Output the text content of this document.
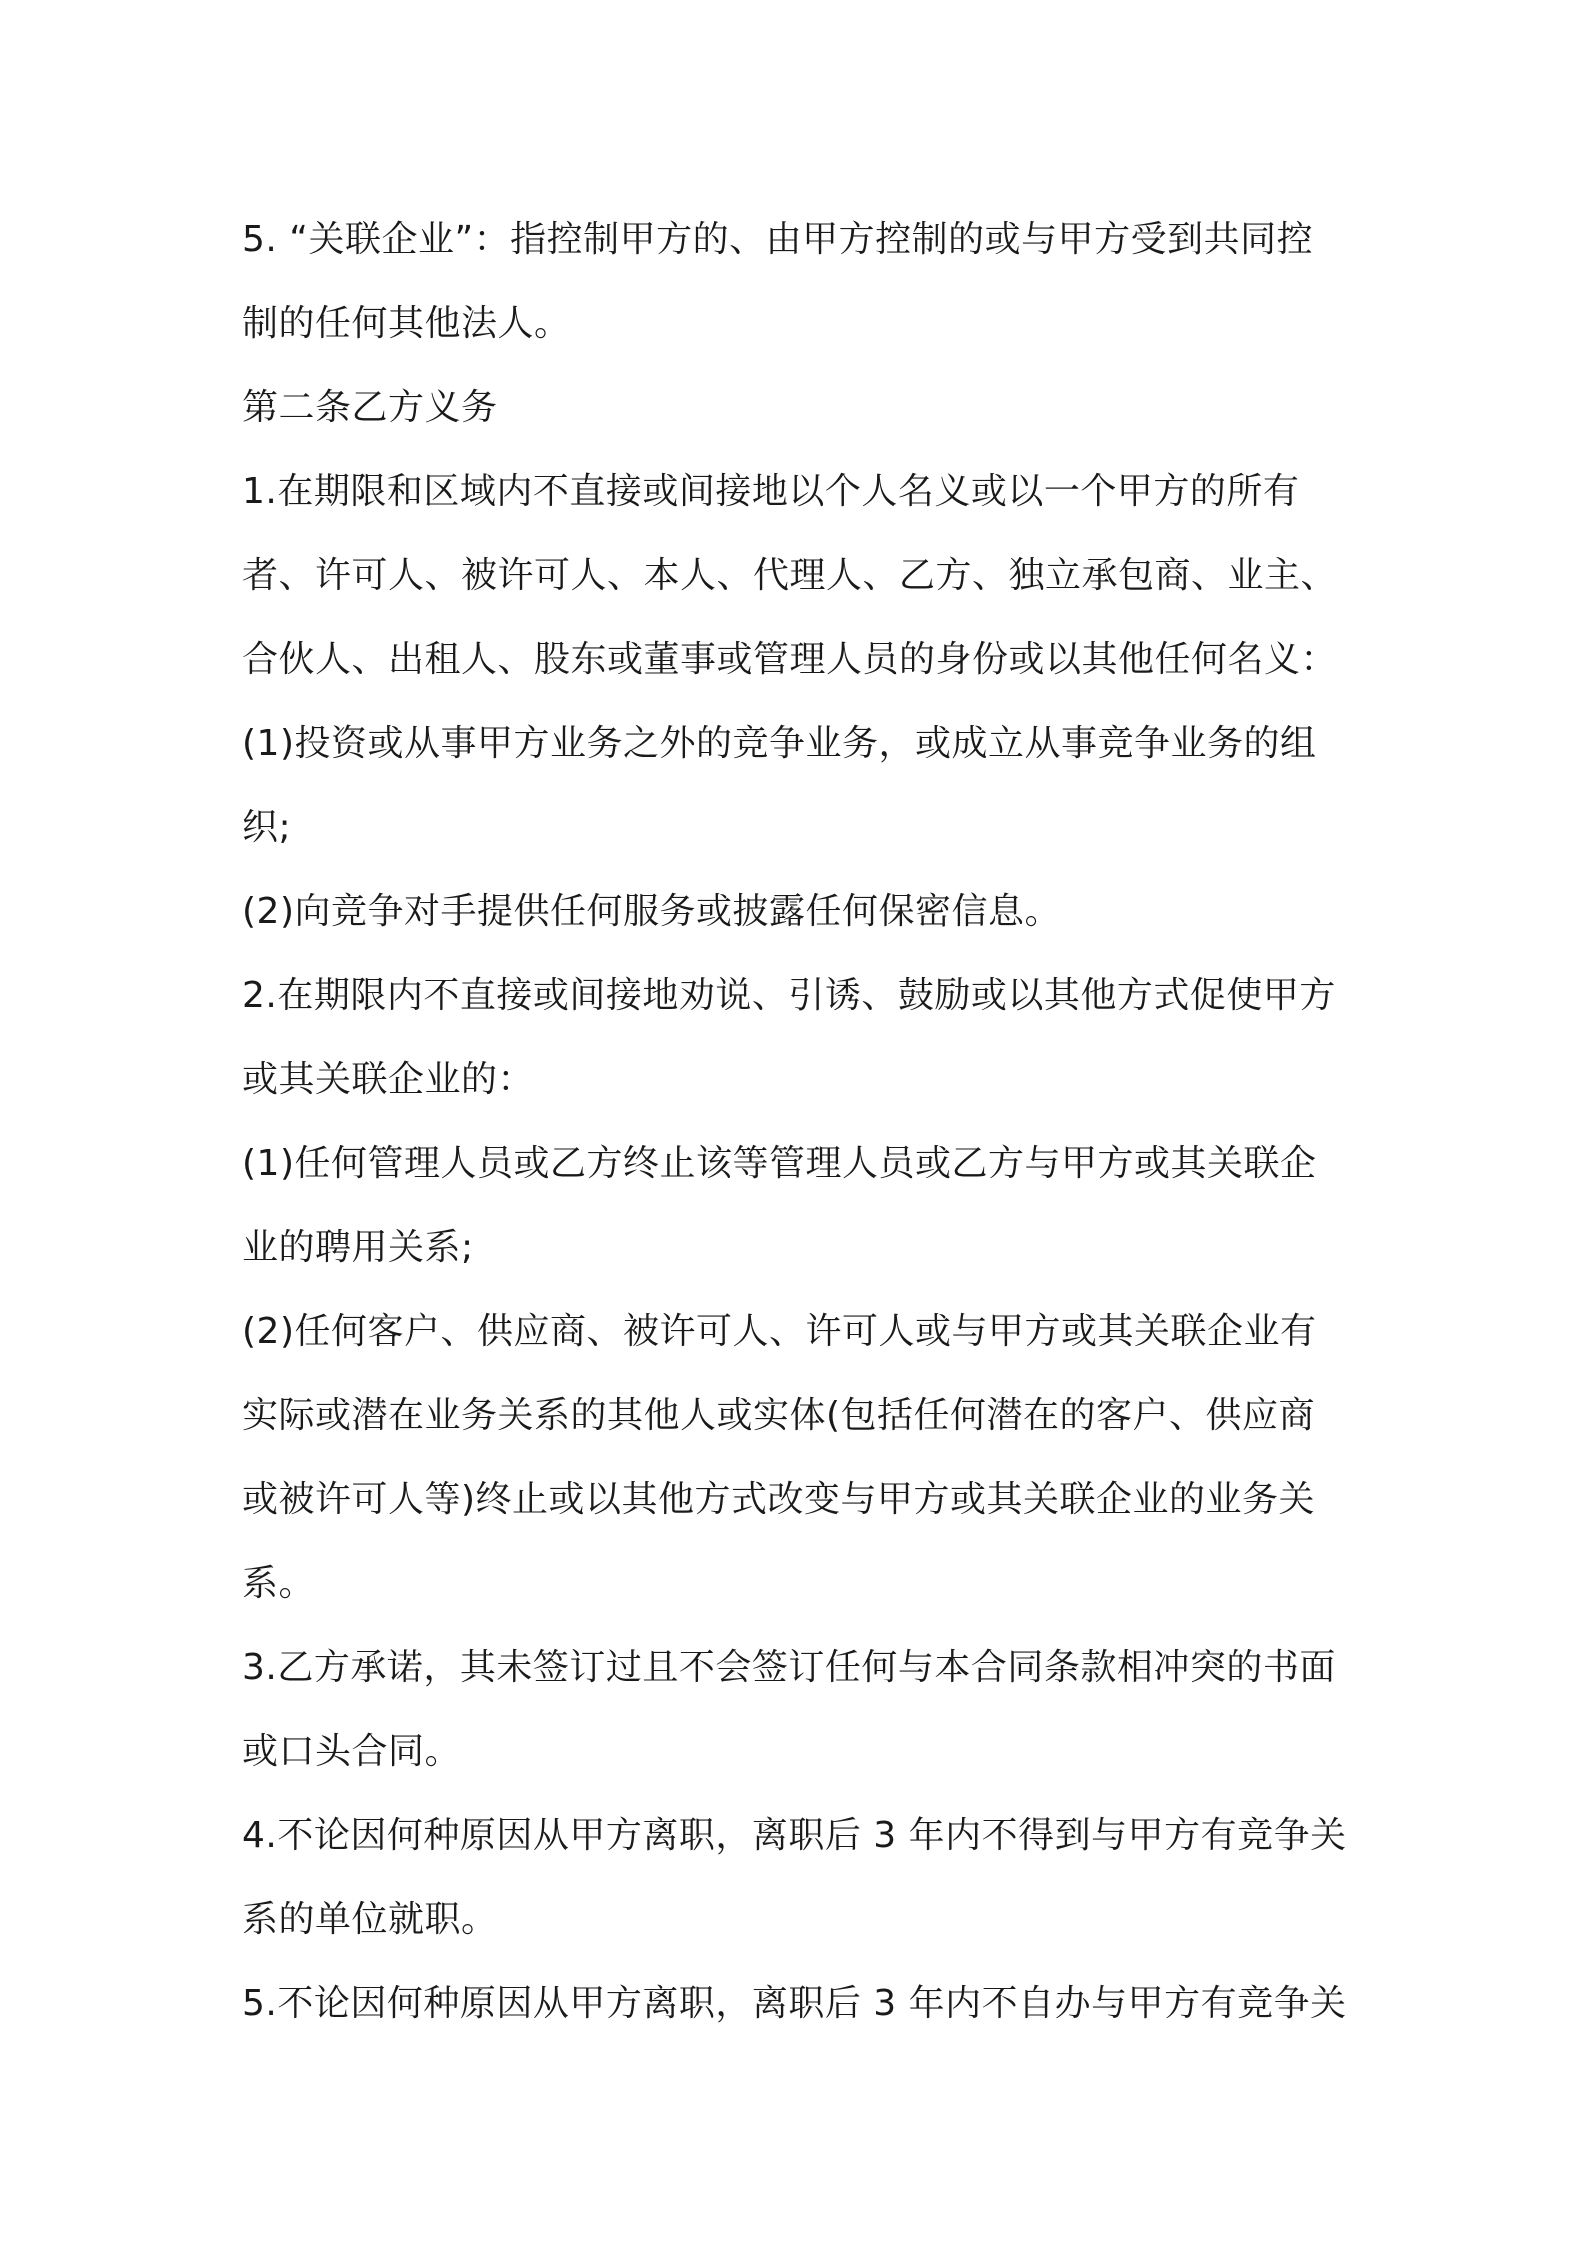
5. “关联企业”：指控制甲方的、由甲方控制的或与甲方受到共同控
制的任何其他法人。
第二条乙方义务
1.在期限和区域内不直接或间接地以个人名义或以一个甲方的所有
者、许可人、被许可人、本人、代理人、乙方、独立承包商、业主、
合伙人、出租人、股东或董事或管理人员的身份或以其他任何名义：
(1)投资或从事甲方业务之外的竞争业务，或成立从事竞争业务的组
织;
(2)向竞争对手提供任何服务或披露任何保密信息。
2.在期限内不直接或间接地劝说、引诱、鼓励或以其他方式促使甲方
或其关联企业的：
(1)任何管理人员或乙方终止该等管理人员或乙方与甲方或其关联企
业的聘用关系;
(2)任何客户、供应商、被许可人、许可人或与甲方或其关联企业有
实际或潜在业务关系的其他人或实体(包括任何潜在的客户、供应商
或被许可人等)终止或以其他方式改变与甲方或其关联企业的业务关
系。
3.乙方承诺，其未签订过且不会签订任何与本合同条款相冲突的书面
或口头合同。
4.不论因何种原因从甲方离职，离职后 3 年内不得到与甲方有竞争关
系的单位就职。
5.不论因何种原因从甲方离职，离职后 3 年内不自办与甲方有竞争关
